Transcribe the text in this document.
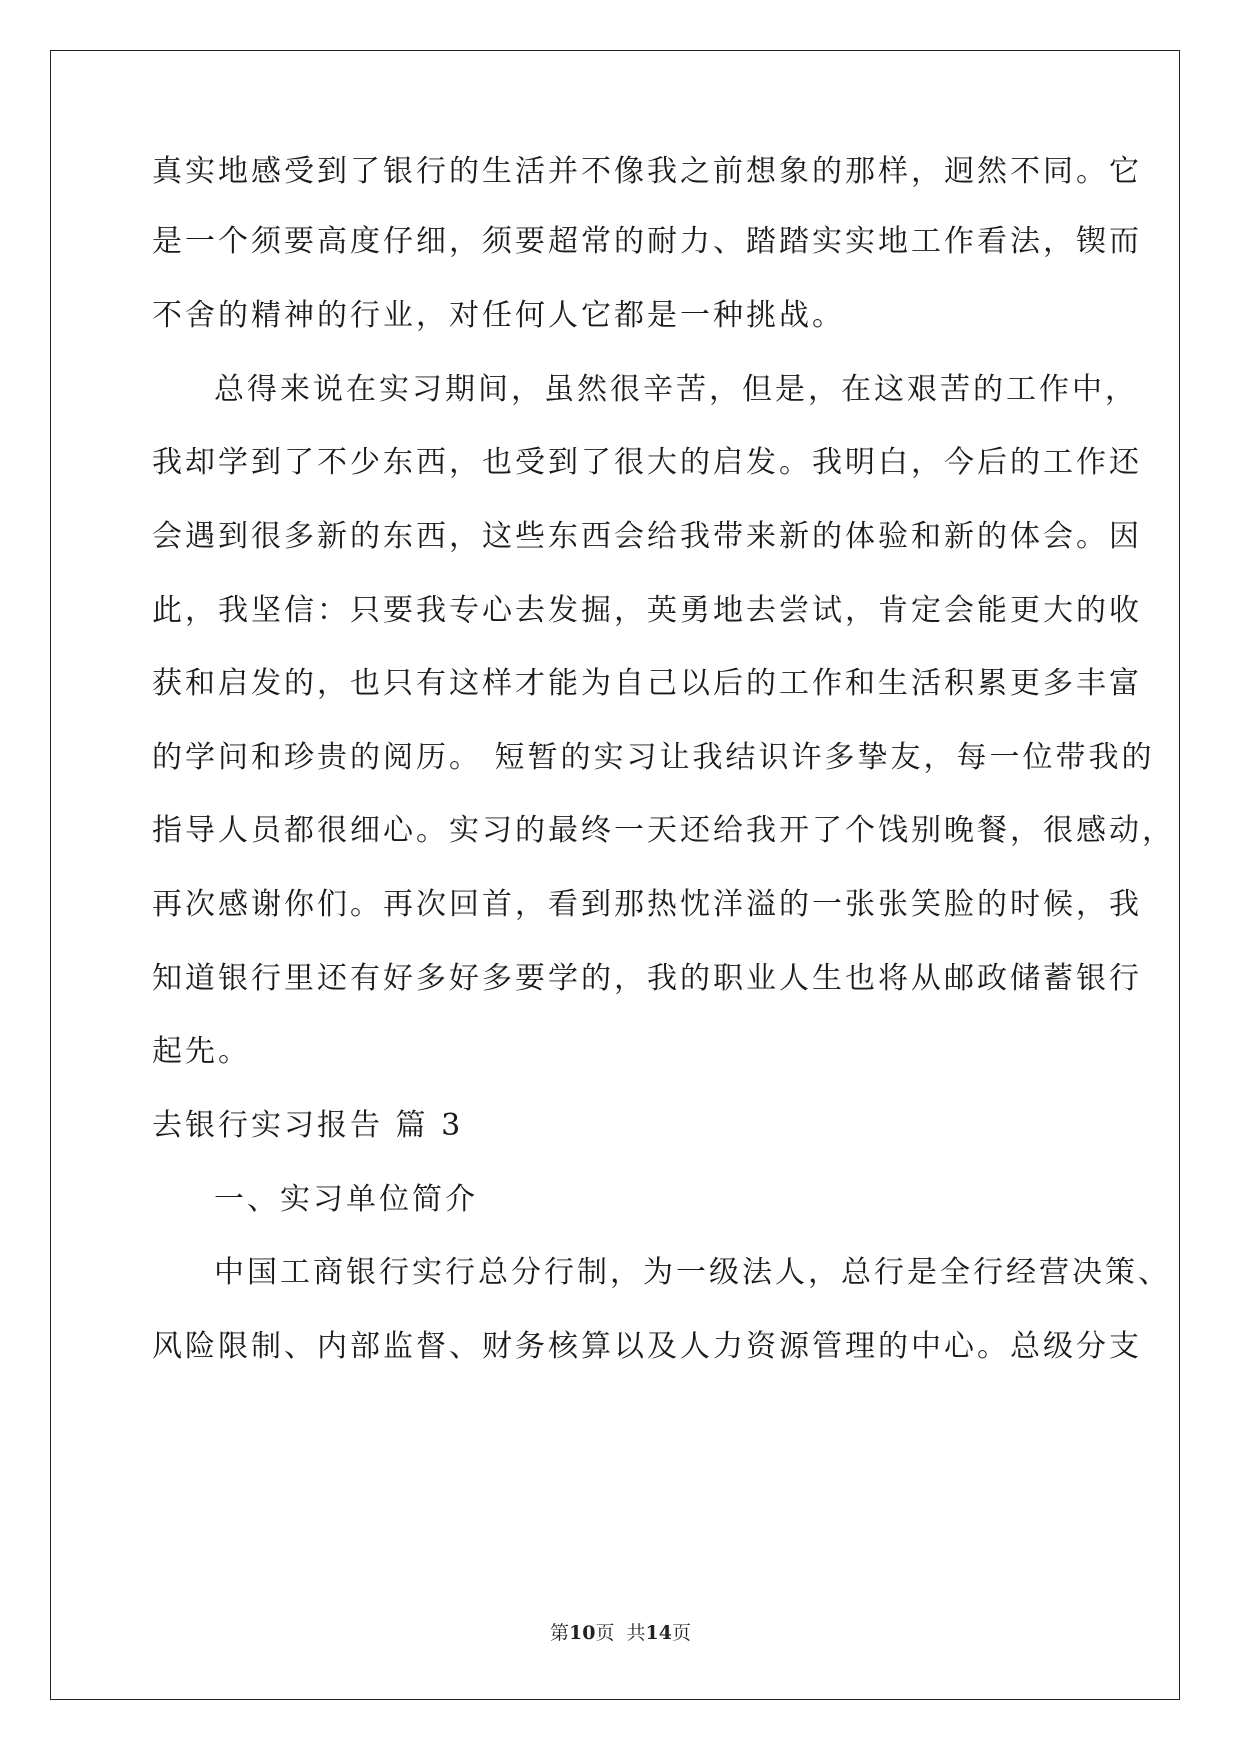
真实地感受到了银行的生活并不像我之前想象的那样，迥然不同。它
是一个须要高度仔细，须要超常的耐力、踏踏实实地工作看法，锲而
不舍的精神的行业，对任何人它都是一种挑战。
总得来说在实习期间，虽然很辛苦，但是，在这艰苦的工作中，
我却学到了不少东西，也受到了很大的启发。我明白，今后的工作还
会遇到很多新的东西，这些东西会给我带来新的体验和新的体会。因
此，我坚信：只要我专心去发掘，英勇地去尝试，肯定会能更大的收
获和启发的，也只有这样才能为自己以后的工作和生活积累更多丰富
的学问和珍贵的阅历。 短暂的实习让我结识许多挚友，每一位带我的
指导人员都很细心。实习的最终一天还给我开了个饯别晚餐，很感动，
再次感谢你们。再次回首，看到那热忱洋溢的一张张笑脸的时候，我
知道银行里还有好多好多要学的，我的职业人生也将从邮政储蓄银行
起先。
去银行实习报告 篇 3
一、实习单位简介
中国工商银行实行总分行制，为一级法人，总行是全行经营决策、
风险限制、内部监督、财务核算以及人力资源管理的中心。总级分支
第10页  共14页
